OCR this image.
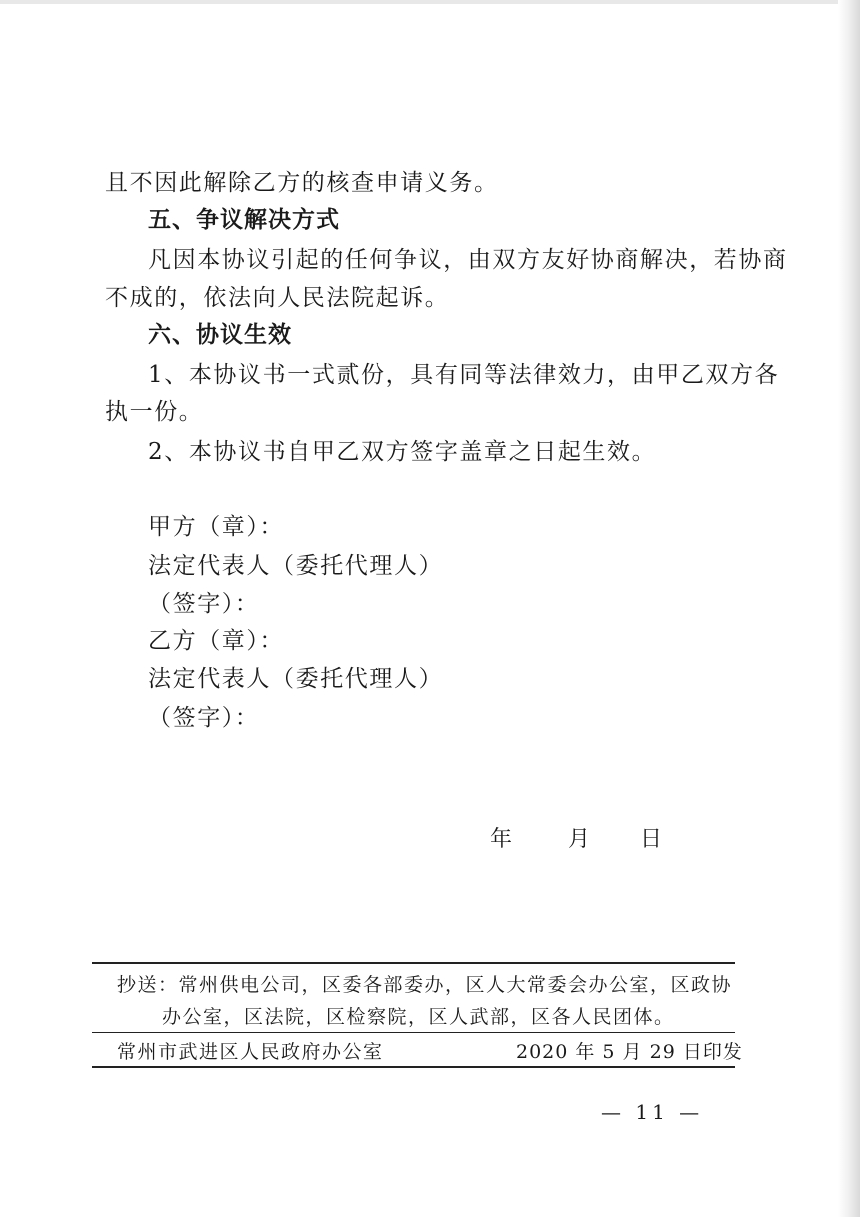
且不因此解除乙方的核查申请义务。
五、争议解决方式
凡因本协议引起的任何争议，由双方友好协商解决，若协商
不成的，依法向人民法院起诉。
六、协议生效
1、本协议书一式贰份，具有同等法律效力，由甲乙双方各
执一份。
2、本协议书自甲乙双方签字盖章之日起生效。
甲方（章）：
法定代表人（委托代理人）
（签字）：
乙方（章）：
法定代表人（委托代理人）
（签字）：
年	月 日
抄送：常州供电公司，区委各部委办，区人大常委会办公室，区政协
办公室，区法院，区检察院，区人武部，区各人民团体。
常州市武进区人民政府办公室	2020 年 5 月 29 日印发
— 11 —
